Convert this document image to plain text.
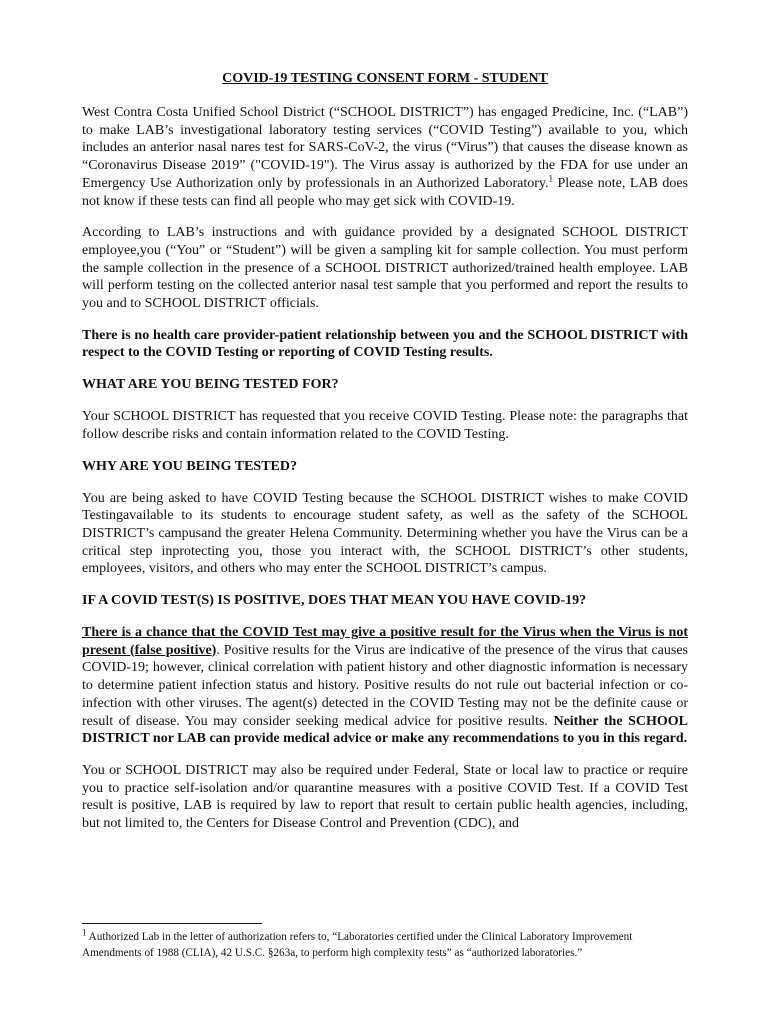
COVID-19 TESTING CONSENT FORM - STUDENT

West Contra Costa Unified School District (“SCHOOL DISTRICT”) has engaged Predicine, Inc. (“LAB”) to make LAB’s investigational laboratory testing services (“COVID Testing”) available to you, which includes an anterior nasal nares test for SARS-CoV-2, the virus (“Virus”) that causes the disease known as “Coronavirus Disease 2019” ("COVID-19"). The Virus assay is authorized by the FDA for use under an Emergency Use Authorization only by professionals in an Authorized Laboratory.$^1$ Please note, LAB does not know if these tests can find all people who may get sick with COVID-19.

According to LAB’s instructions and with guidance provided by a designated SCHOOL DISTRICT employee,you (“You” or “Student”) will be given a sampling kit for sample collection. You must perform the sample collection in the presence of a SCHOOL DISTRICT authorized/trained health employee. LAB will perform testing on the collected anterior nasal test sample that you performed and report the results to you and to SCHOOL DISTRICT officials.

There is no health care provider-patient relationship between you and the SCHOOL DISTRICT with respect to the COVID Testing or reporting of COVID Testing results.

WHAT ARE YOU BEING TESTED FOR?

Your SCHOOL DISTRICT has requested that you receive COVID Testing. Please note: the paragraphs that follow describe risks and contain information related to the COVID Testing.

WHY ARE YOU BEING TESTED?

You are being asked to have COVID Testing because the SCHOOL DISTRICT wishes to make COVID Testingavailable to its students to encourage student safety, as well as the safety of the SCHOOL DISTRICT’s campusand the greater Helena Community. Determining whether you have the Virus can be a critical step inprotecting you, those you interact with, the SCHOOL DISTRICT’s other students, employees, visitors, and others who may enter the SCHOOL DISTRICT’s campus.

IF A COVID TEST(S) IS POSITIVE, DOES THAT MEAN YOU HAVE COVID-19?

There is a chance that the COVID Test may give a positive result for the Virus when the Virus is not present (false positive). Positive results for the Virus are indicative of the presence of the virus that causes COVID-19; however, clinical correlation with patient history and other diagnostic information is necessary to determine patient infection status and history. Positive results do not rule out bacterial infection or co-infection with other viruses. The agent(s) detected in the COVID Testing may not be the definite cause or result of disease. You may consider seeking medical advice for positive results. Neither the SCHOOL DISTRICT nor LAB can provide medical advice or make any recommendations to you in this regard.

You or SCHOOL DISTRICT may also be required under Federal, State or local law to practice or require you to practice self-isolation and/or quarantine measures with a positive COVID Test. If a COVID Test result is positive, LAB is required by law to report that result to certain public health agencies, including, but not limited to, the Centers for Disease Control and Prevention (CDC), and

$^1$ Authorized Lab in the letter of authorization refers to, “Laboratories certified under the Clinical Laboratory Improvement Amendments of 1988 (CLIA), 42 U.S.C. §263a, to perform high complexity tests” as “authorized laboratories.”
